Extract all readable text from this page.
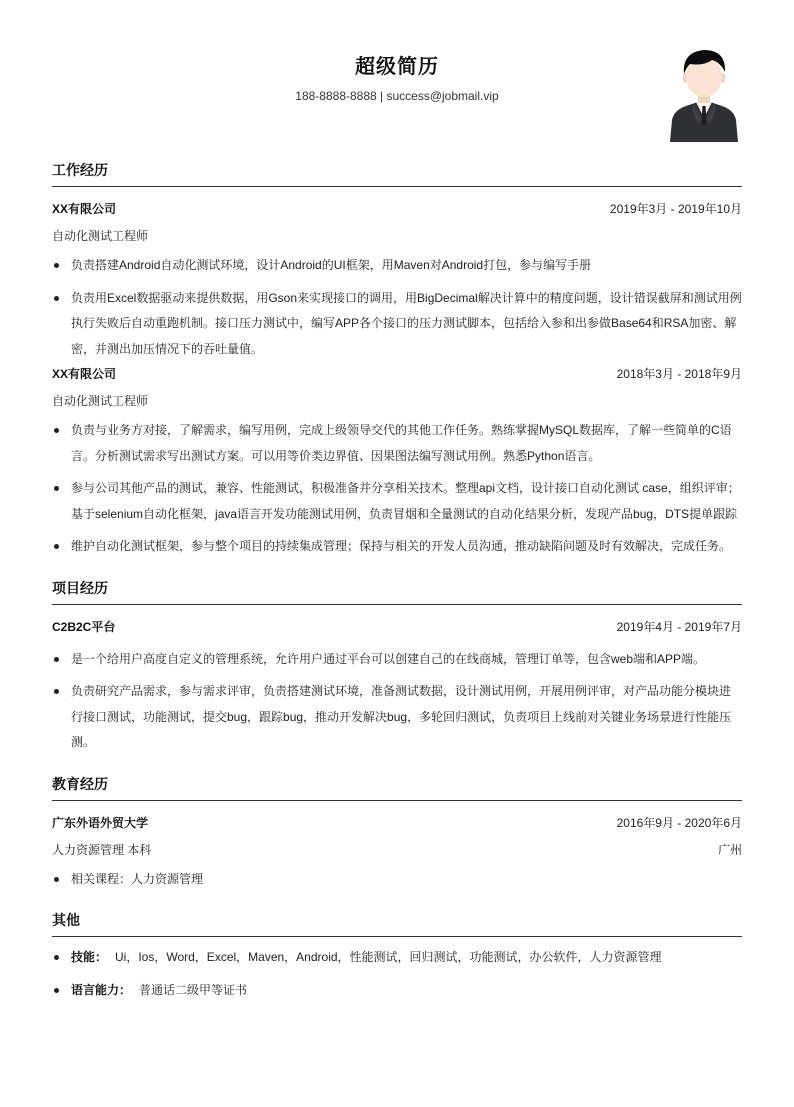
超级简历
188-8888-8888 | success@jobmail.vip
工作经历
XX有限公司	2019年3月 - 2019年10月
自动化测试工程师
负责搭建Android自动化测试环境，设计Android的UI框架，用Maven对Android打包，参与编写手册
负责用Excel数据驱动来提供数据，用Gson来实现接口的调用，用BigDecimal解决计算中的精度问题，设计错误截屏和测试用例执行失败后自动重跑机制。接口压力测试中，编写APP各个接口的压力测试脚本，包括给入参和出参做Base64和RSA加密、解密，并测出加压情况下的吞吐量值。
XX有限公司	2018年3月 - 2018年9月
自动化测试工程师
负责与业务方对接，了解需求，编写用例，完成上级领导交代的其他工作任务。熟练掌握MySQL数据库，了解一些简单的C语言。分析测试需求写出测试方案。可以用等价类边界值、因果图法编写测试用例。熟悉Python语言。
参与公司其他产品的测试，兼容、性能测试，积极准备并分享相关技术。整理api文档，设计接口自动化测试 case，组织评审；基于selenium自动化框架，java语言开发功能测试用例，负责冒烟和全量测试的自动化结果分析，发现产品bug，DTS提单跟踪
维护自动化测试框架，参与整个项目的持续集成管理；保持与相关的开发人员沟通，推动缺陷问题及时有效解决，完成任务。
项目经历
C2B2C平台	2019年4月 - 2019年7月
是一个给用户高度自定义的管理系统，允许用户通过平台可以创建自己的在线商城，管理订单等，包含web端和APP端。
负责研究产品需求，参与需求评审，负责搭建测试环境，准备测试数据，设计测试用例，开展用例评审，对产品功能分模块进行接口测试，功能测试，提交bug，跟踪bug，推动开发解决bug，多轮回归测试，负责项目上线前对关键业务场景进行性能压测。
教育经历
广东外语外贸大学	2016年9月 - 2020年6月
人力资源管理 本科	广州
相关课程：人力资源管理
其他
技能： Ui，Ios，Word，Excel，Maven，Android，性能测试，回归测试，功能测试，办公软件，人力资源管理
语言能力： 普通话二级甲等证书
